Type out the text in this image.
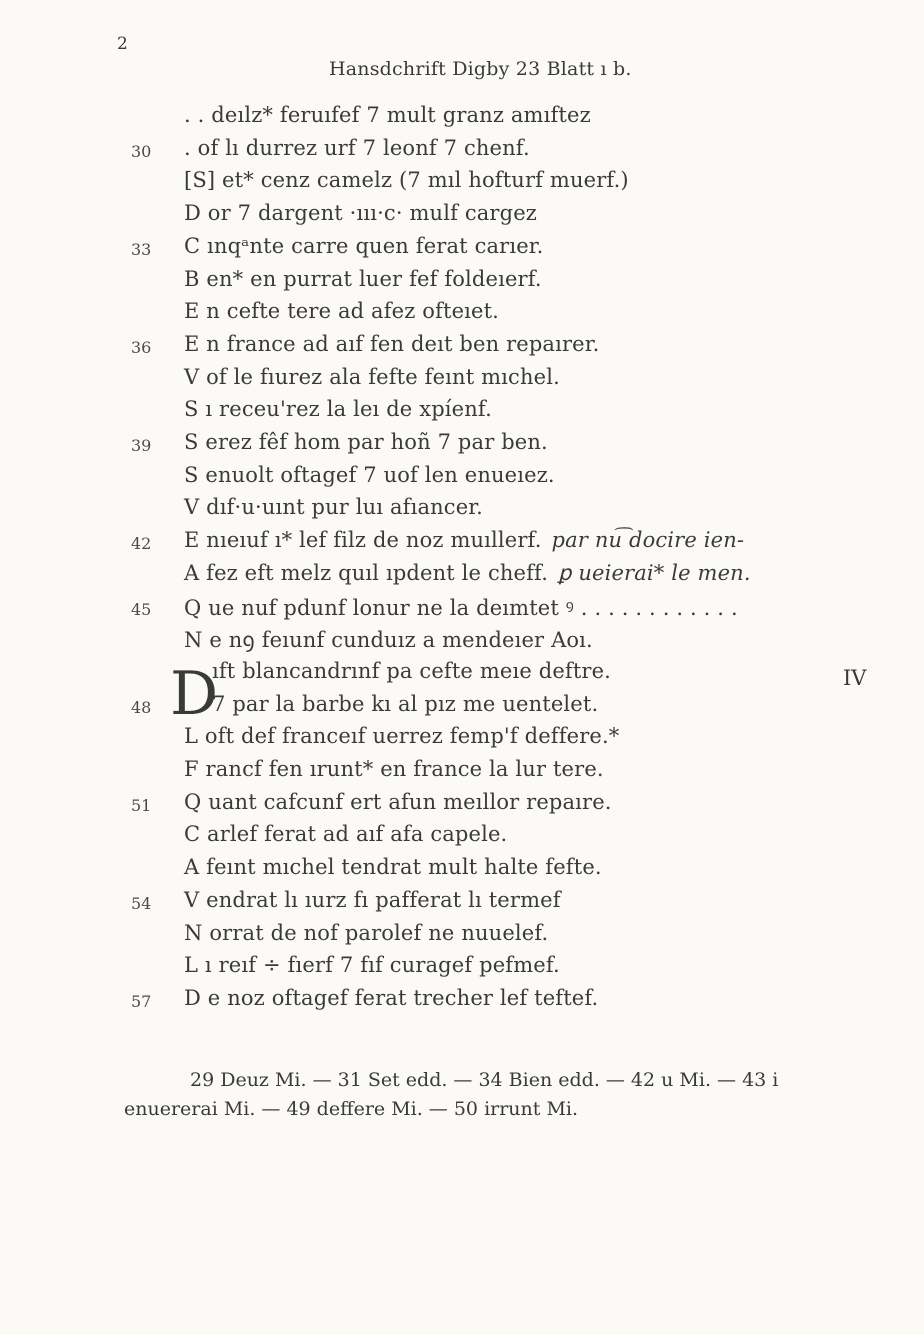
2
Hansdchrift Digby 23 Blatt ı b.
. . deılz* feruıfef 7 mult granz amıftez
30 . of lı durrez urf 7 leonf 7 chenf.
[S] et* cenz camelz (7 mıl hofturf muerf.)
D or 7 dargent ·ııı·c· mulf cargez
33 C ınqᵃnte carre quen ferat carıer.
B en* en purrat luer fef foldeıerf.
E n cefte tere ad afez ofteıet.
36 E n france ad aıf fen deıt ben repaırer.
V of le fıurez ala fefte feınt mıchel.
S ı receu'rez la leı de xpíenf.
39 S erez fêf hom par hoñ 7 par ben.
S enuolt oftagef 7 uof len enueıez.
V dıf·u·uınt pur luı afıancer.
42 E nıeıuf ı* lef filz de noz muıllerf. par nu͡ docire ien-
A fez eft melz quıl ıpdent le cheff. ꝑ ueierai* le men.
45 Q ue nuf pdunf lonur ne la deımtet ꝰ . . . . . . . . . . . .
N e nꝯ feıunf cunduız a mendeıer Aoı.
ıft blancandrınf pa cefte meıe deftre.
48	7 par la barbe kı al pız me uentelet.
L oft def franceıf uerrez femp'f deffere.*
F rancf fen ırunt* en france la lur tere.
51 Q uant cafcunf ert afun meıllor repaıre.
C arlef ferat ad aıf afa capele.
A feınt mıchel tendrat mult halte fefte.
54 V endrat lı ıurz fı pafferat lı termef
N orrat de nof parolef ne nuuelef.
L ı reıf ÷ fıerf 7 fıf curagef pefmef.
57 D e noz oftagef ferat trecher lef teftef.
D	IV
29 Deuz Mi. — 31 Set edd. — 34 Bien edd. — 42 u Mi. — 43 i
enuererai Mi. — 49 deffere Mi. — 50 irrunt Mi.
